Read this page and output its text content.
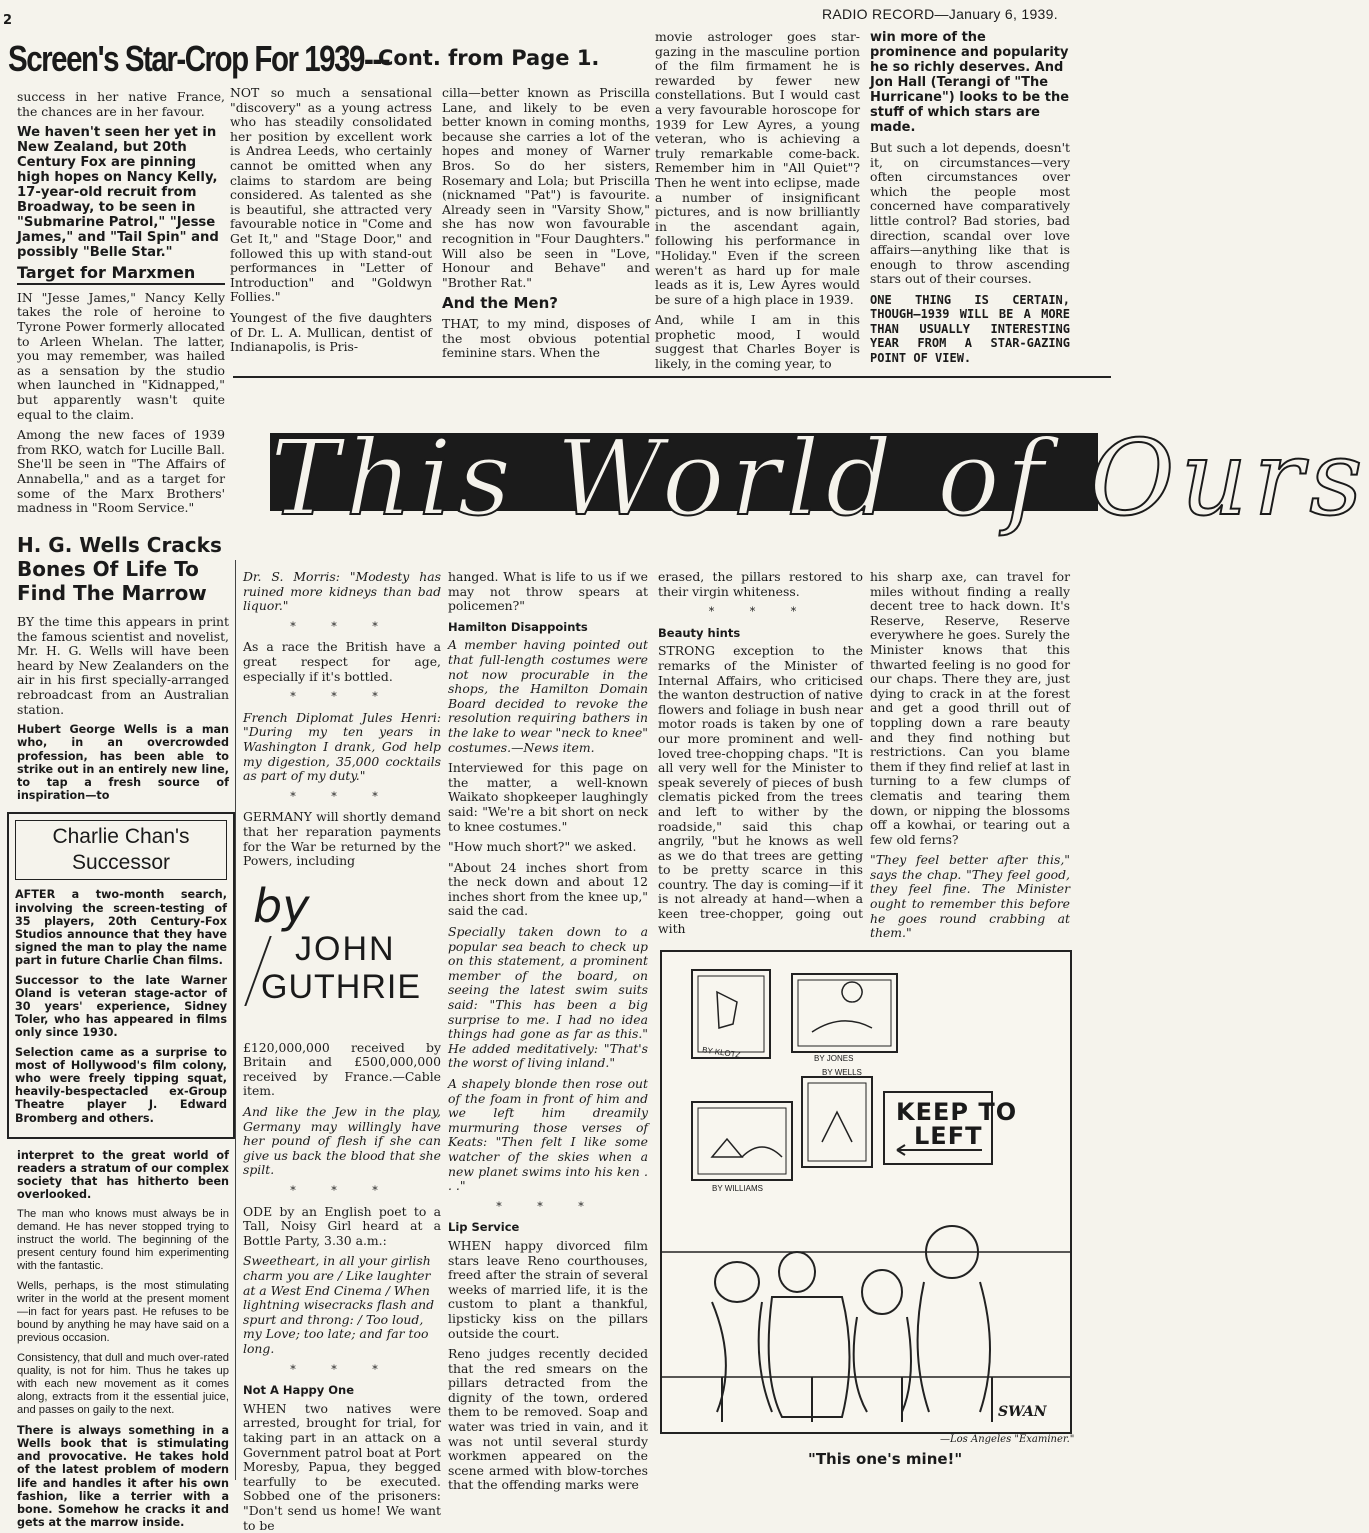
2	RADIO RECORD—January 6, 1939.
Screen's Star-Crop For 1939---
Cont. from Page 1.

success in her native France, the chances are in her favour.

We haven't seen her yet in New Zealand, but 20th Century Fox are pinning high hopes on Nancy Kelly, 17-year-old recruit from Broadway, to be seen in "Submarine Patrol," "Jesse James," and "Tail Spin" and possibly "Belle Star."

Target for Marxmen

IN "Jesse James," Nancy Kelly takes the role of heroine to Tyrone Power formerly allocated to Arleen Whelan. The latter, you may remember, was hailed as a sensation by the studio when launched in "Kidnapped," but apparently wasn't quite equal to the claim.

Among the new faces of 1939 from RKO, watch for Lucille Ball. She'll be seen in "The Affairs of Annabella," and as a target for some of the Marx Brothers' madness in "Room Service."

NOT so much a sensational "discovery" as a young actress who has steadily consolidated her position by excellent work is Andrea Leeds, who certainly cannot be omitted when any claims to stardom are being considered. As talented as she is beautiful, she attracted very favourable notice in "Come and Get It," and "Stage Door," and followed this up with stand-out performances in "Letter of Introduction" and "Goldwyn Follies."

Youngest of the five daughters of Dr. L. A. Mullican, dentist of Indianapolis, is Pris-

cilla—better known as Priscilla Lane, and likely to be even better known in coming months, because she carries a lot of the hopes and money of Warner Bros. So do her sisters, Rosemary and Lola; but Priscilla (nicknamed "Pat") is favourite. Already seen in "Varsity Show," she has now won favourable recognition in "Four Daughters." Will also be seen in "Love, Honour and Behave" and "Brother Rat."

And the Men?

THAT, to my mind, disposes of the most obvious potential feminine stars. When the

movie astrologer goes star-gazing in the masculine portion of the film firmament he is rewarded by fewer new constellations. But I would cast a very favourable horoscope for 1939 for Lew Ayres, a young veteran, who is achieving a truly remarkable come-back. Remember him in "All Quiet"? Then he went into eclipse, made a number of insignificant pictures, and is now brilliantly in the ascendant again, following his performance in "Holiday." Even if the screen weren't as hard up for male leads as it is, Lew Ayres would be sure of a high place in 1939.

And, while I am in this prophetic mood, I would suggest that Charles Boyer is likely, in the coming year, to

win more of the prominence and popularity he so richly deserves. And Jon Hall (Terangi of "The Hurricane") looks to be the stuff of which stars are made.

But such a lot depends, doesn't it, on circumstances—very often circumstances over which the people most concerned have comparatively little control? Bad stories, bad direction, scandal over love affairs—anything like that is enough to throw ascending stars out of their courses.

ONE THING IS CERTAIN, THOUGH—1939 WILL BE A MORE THAN USUALLY INTERESTING YEAR FROM A STAR-GAZING POINT OF VIEW.

This World of Ours
H. G. Wells Cracks Bones Of Life To Find The Marrow

BY the time this appears in print the famous scientist and novelist, Mr. H. G. Wells will have been heard by New Zealanders on the air in his first specially-arranged rebroadcast from an Australian station.

Hubert George Wells is a man who, in an overcrowded profession, has been able to strike out in an entirely new line, to tap a fresh source of inspiration—to

Charlie Chan's Successor

AFTER a two-month search, involving the screen-testing of 35 players, 20th Century-Fox Studios announce that they have signed the man to play the name part in future Charlie Chan films.

Successor to the late Warner Oland is veteran stage-actor of 30 years' experience, Sidney Toler, who has appeared in films only since 1930.

Selection came as a surprise to most of Hollywood's film colony, who were freely tipping squat, heavily-bespectacled ex-Group Theatre player J. Edward Bromberg and others.

interpret to the great world of readers a stratum of our complex society that has hitherto been overlooked.

The man who knows must always be in demand. He has never stopped trying to instruct the world. The beginning of the present century found him experimenting with the fantastic.

Wells, perhaps, is the most stimulating writer in the world at the present moment—in fact for years past. He refuses to be bound by anything he may have said on a previous occasion.

Consistency, that dull and much over-rated quality, is not for him. Thus he takes up with each new movement as it comes along, extracts from it the essential juice, and passes on gaily to the next.

There is always something in a Wells book that is stimulating and provocative. He takes hold of the latest problem of modern life and handles it after his own fashion, like a terrier with a bone. Somehow he cracks it and gets at the marrow inside.

Dr. S. Morris: "Modesty has ruined more kidneys than bad liquor."

* * *

As a race the British have a great respect for age, especially if it's bottled.

* * *

French Diplomat Jules Henri: "During my ten years in Washington I drank, God help my digestion, 35,000 cocktails as part of my duty."

* * *

GERMANY will shortly demand that her reparation payments for the War be returned by the Powers, including

by
JOHN
GUTHRIE

£120,000,000 received by Britain and £500,000,000 received by France.—Cable item.

And like the Jew in the play, Germany may willingly have her pound of flesh if she can give us back the blood that she spilt.

* * *

ODE by an English poet to a Tall, Noisy Girl heard at a Bottle Party, 3.30 a.m.:

Sweetheart, in all your girlish charm you are / Like laughter at a West End Cinema / When lightning wisecracks flash and spurt and throng: / Too loud, my Love; too late; and far too long.

* * *
Not A Happy One

WHEN two natives were arrested, brought for trial, for taking part in an attack on a Government patrol boat at Port Moresby, Papua, they begged tearfully to be executed. Sobbed one of the prisoners: "Don't send us home! We want to be

hanged. What is life to us if we may not throw spears at policemen?"

Hamilton Disappoints

A member having pointed out that full-length costumes were not now procurable in the shops, the Hamilton Domain Board decided to revoke the resolution requiring bathers in the lake to wear "neck to knee" costumes.—News item.

Interviewed for this page on the matter, a well-known Waikato shopkeeper laughingly said: "We're a bit short on neck to knee costumes."

"How much short?" we asked.

"About 24 inches short from the neck down and about 12 inches short from the knee up," said the cad.

Specially taken down to a popular sea beach to check up on this statement, a prominent member of the board, on seeing the latest swim suits said: "This has been a big surprise to me. I had no idea things had gone as far as this." He added meditatively: "That's the worst of living inland."

A shapely blonde then rose out of the foam in front of him and we left him dreamily murmuring those verses of Keats: "Then felt I like some watcher of the skies when a new planet swims into his ken . . ."

* * *
Lip Service

WHEN happy divorced film stars leave Reno courthouses, freed after the strain of several weeks of married life, it is the custom to plant a thankful, lipsticky kiss on the pillars outside the court.

Reno judges recently decided that the red smears on the pillars detracted from the dignity of the town, ordered them to be removed. Soap and water was tried in vain, and it was not until several sturdy workmen appeared on the scene armed with blow-torches that the offending marks were

erased, the pillars restored to their virgin whiteness.

* * *
Beauty hints

STRONG exception to the remarks of the Minister of Internal Affairs, who criticised the wanton destruction of native flowers and foliage in bush near motor roads is taken by one of our more prominent and well-loved tree-chopping chaps. "It is all very well for the Minister to speak severely of pieces of bush clematis picked from the trees and left to wither by the roadside," said this chap angrily, "but he knows as well as we do that trees are getting to be pretty scarce in this country. The day is coming—if it is not already at hand—when a keen tree-chopper, going out with

his sharp axe, can travel for miles without finding a really decent tree to hack down. It's Reserve, Reserve, Reserve everywhere he goes. Surely the Minister knows that this thwarted feeling is no good for our chaps. There they are, just dying to crack in at the forest and get a good thrill out of toppling down a rare beauty and they find nothing but restrictions. Can you blame them if they find relief at last in turning to a few clumps of clematis and tearing them down, or nipping the blossoms off a kowhai, or tearing out a few old ferns?

"They feel better after this," says the chap. "They feel good, they feel fine. The Minister ought to remember this before he goes round crabbing at them."

KEEP TO
LEFT
BY KLOTZ	BY JONES
BY WELLS
BY WILLIAMS
SWAN
—Los Angeles "Examiner."
"This one's mine!"
